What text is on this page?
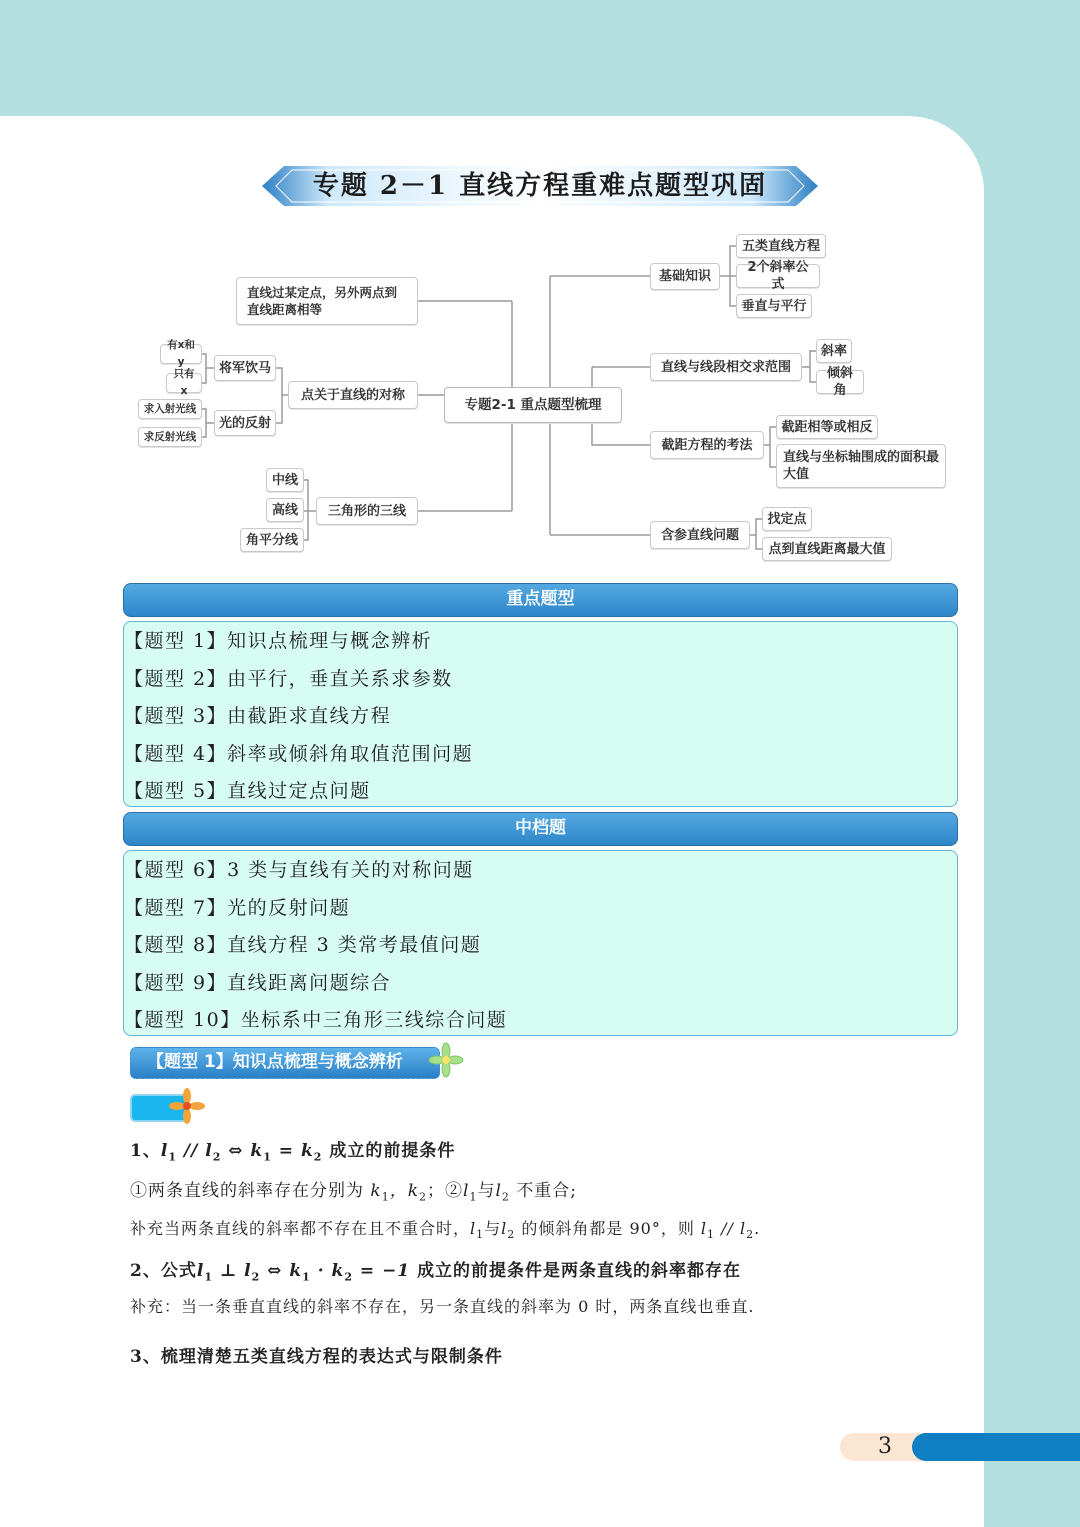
专题 2－1 直线方程重难点题型巩固
专题2-1 重点题型梳理
直线过某定点，另外两点到直线距离相等
点关于直线的对称
将军饮马
有x和y
只有x
光的反射
求入射光线
求反射光线
三角形的三线
中线
高线
角平分线
基础知识
五类直线方程
2个斜率公式
垂直与平行
直线与线段相交求范围
斜率
倾斜角
截距方程的考法
截距相等或相反
直线与坐标轴围成的面积最大值
含参直线问题
找定点
点到直线距离最大值
重点题型
【题型 1】知识点梳理与概念辨析
【题型 2】由平行，垂直关系求参数
【题型 3】由截距求直线方程
【题型 4】斜率或倾斜角取值范围问题
【题型 5】直线过定点问题
中档题
【题型 6】3 类与直线有关的对称问题
【题型 7】光的反射问题
【题型 8】直线方程 3 类常考最值问题
【题型 9】直线距离问题综合
【题型 10】坐标系中三角形三线综合问题
【题型 1】知识点梳理与概念辨析
1、$l_1 // l_2$ ⇔ $k_1 = k_2$ 成立的前提条件
①两条直线的斜率存在分别为 $k_1$，$k_2$；$②l_1$与$l_2$ 不重合;
补充当两条直线的斜率都不存在且不重合时，$l_1$与$l_2$ 的倾斜角都是 90°，则 $l_1 // l_2$.
2、公式$l_1$ ⊥ $l_2$ ⇔ $k_1 \cdot k_2 = -1$ 成立的前提条件是两条直线的斜率都存在
补充：当一条垂直直线的斜率不存在，另一条直线的斜率为 0 时，两条直线也垂直.
3、梳理清楚五类直线方程的表达式与限制条件
3
